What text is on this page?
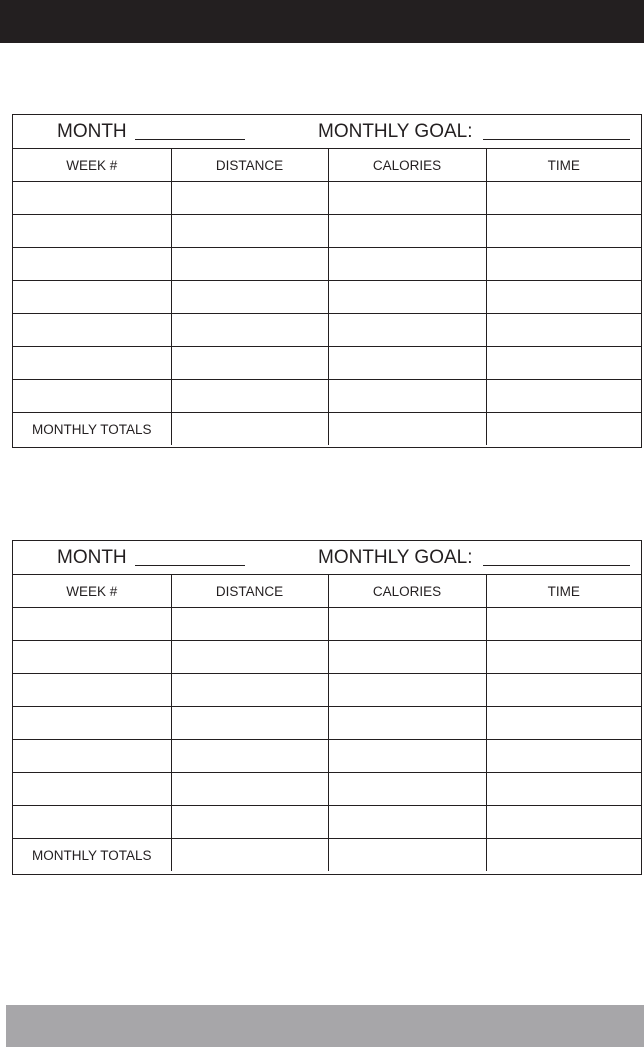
MONTH	MONTHLY GOAL:
WEEK #	DISTANCE	CALORIES	TIME

MONTHLY TOTALS			
MONTH	MONTHLY GOAL:
WEEK #	DISTANCE	CALORIES	TIME

MONTHLY TOTALS			
